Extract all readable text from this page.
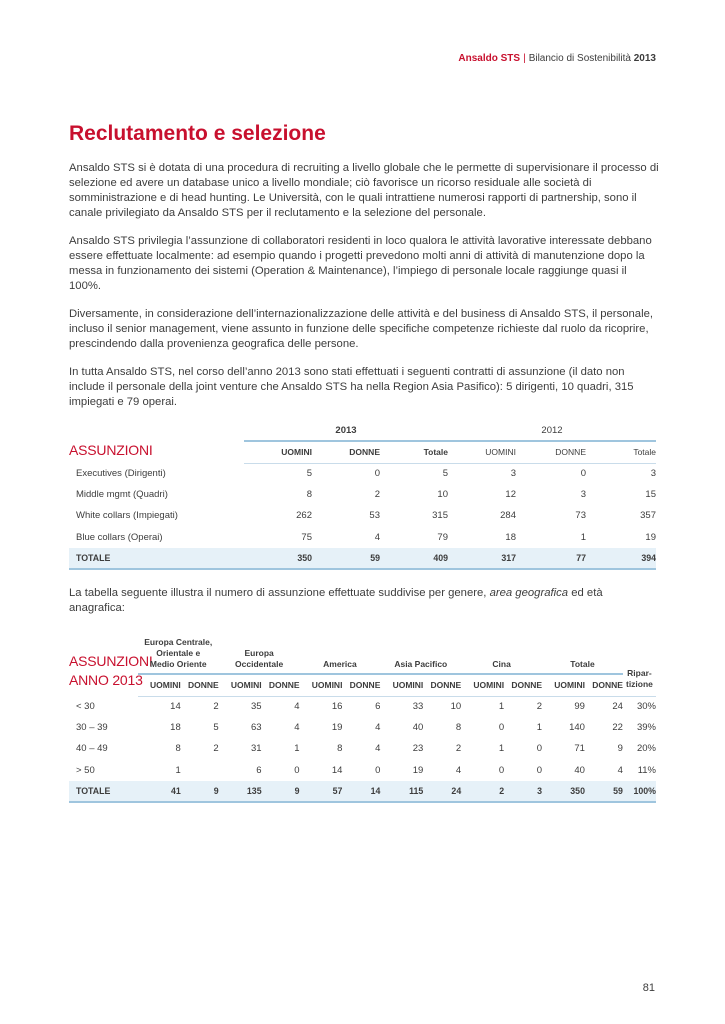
Ansaldo STS | Bilancio di Sostenibilità 2013
Reclutamento e selezione

Ansaldo STS si è dotata di una procedura di recruiting a livello globale che le permette di supervisionare il processo di selezione ed avere un database unico a livello mondiale; ciò favorisce un ricorso residuale alle società di somministrazione e di head hunting. Le Università, con le quali intrattiene numerosi rapporti di partnership, sono il canale privilegiato da Ansaldo STS per il reclutamento e la selezione del personale.

Ansaldo STS privilegia l’assunzione di collaboratori residenti in loco qualora le attività lavorative interessate debbano essere effettuate localmente: ad esempio quando i progetti prevedono molti anni di attività di manutenzione dopo la messa in funzionamento dei sistemi (Operation & Maintenance), l’impiego di personale locale raggiunge quasi il 100%.

Diversamente, in considerazione dell’internazionalizzazione delle attività e del business di Ansaldo STS, il personale, incluso il senior management, viene assunto in funzione delle specifiche competenze richieste dal ruolo da ricoprire, prescindendo dalla provenienza geografica delle persone.

In tutta Ansaldo STS, nel corso dell’anno 2013 sono stati effettuati i seguenti contratti di assunzione (il dato non include il personale della joint venture che Ansaldo STS ha nella Region Asia Pasifico): 5 dirigenti, 10 quadri, 315 impiegati e 79 operai.

ASSUNZIONI
	2013			2012		
	UOMINI	DONNE	Totale	UOMINI	DONNE	Totale
Executives (Dirigenti)	5	0	5	3	0	3
Middle mgmt (Quadri)	8	2	10	12	3	15
White collars (Impiegati)	262	53	315	284	73	357
Blue collars (Operai)	75	4	79	18	1	19
TOTALE	350	59	409	317	77	394

La tabella seguente illustra il numero di assunzione effettuate suddivise per genere, area geografica ed età anagrafica:

ASSUNZIONI
ANNO 2013
	Europa Centrale,
Orientale e
Medio Oriente		Europa
Occidentale		America		Asia Pacifico		Cina		Totale		Ripar-
tizione
	UOMINI	DONNE	UOMINI	DONNE	UOMINI	DONNE	UOMINI	DONNE	UOMINI	DONNE	UOMINI	DONNE	
< 30	14	2	35	4	16	6	33	10	1	2	99	24	30%
30 – 39	18	5	63	4	19	4	40	8	0	1	140	22	39%
40 – 49	8	2	31	1	8	4	23	2	1	0	71	9	20%
> 50	1		6	0	14	0	19	4	0	0	40	4	11%
TOTALE	41	9	135	9	57	14	115	24	2	3	350	59	100%
81
